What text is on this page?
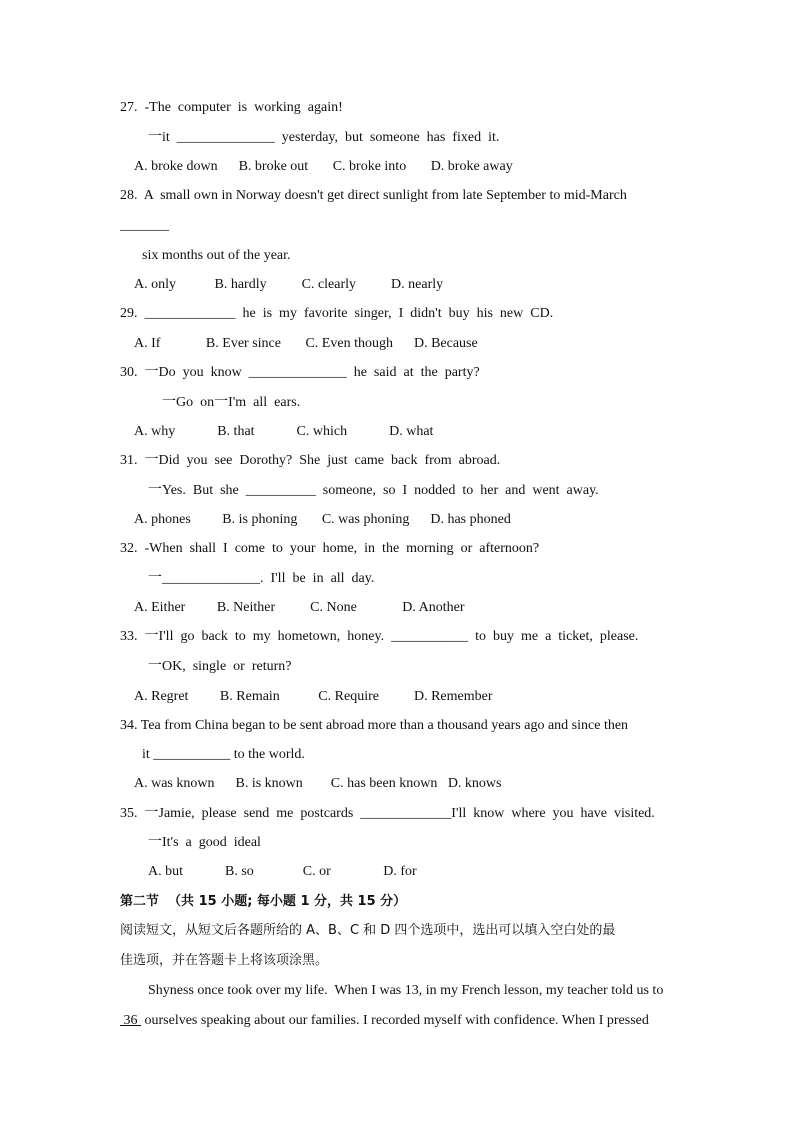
27.  -The  computer  is  working  again!
一it  ______________  yesterday,  but  someone  has  fixed  it.
A. broke down      B. broke out       C. broke into       D. broke away
28.  A  small own in Norway doesn't get direct sunlight from late September to mid-March
_______
six months out of the year.
A. only           B. hardly          C. clearly          D. nearly
29.  _____________  he  is  my  favorite  singer,  I  didn't  buy  his  new  CD.
A. If             B. Ever since       C. Even though      D. Because
30.  一Do  you  know  ______________  he  said  at  the  party?
一Go  on一I'm  all  ears.
A. why            B. that            C. which            D. what
31.  一Did  you  see  Dorothy?  She  just  came  back  from  abroad.
一Yes.  But  she  __________  someone,  so  I  nodded  to  her  and  went  away.
A. phones         B. is phoning       C. was phoning      D. has phoned
32.  -When  shall  I  come  to  your  home,  in  the  morning  or  afternoon?
一______________.  I'll  be  in  all  day.
A. Either         B. Neither          C. None             D. Another
33.  一I'll  go  back  to  my  hometown,  honey.  ___________  to  buy  me  a  ticket,  please.
一OK,  single  or  return?
A. Regret         B. Remain           C. Require          D. Remember
34. Tea from China began to be sent abroad more than a thousand years ago and since then
it ___________ to the world.
A. was known      B. is known        C. has been known   D. knows
35.  一Jamie,  please  send  me  postcards  _____________I'll  know  where  you  have  visited.
一It's  a  good  ideal
A. but            B. so              C. or               D. for
第二节  （共 15 小题; 每小题 1 分，共 15 分）
阅读短文，从短文后各题所给的 A、B、C 和 D 四个选项中，选出可以填入空白处的最
佳选项，并在答题卡上将该项涂黑。
Shyness once took over my life.  When I was 13, in my French lesson, my teacher told us to
36  ourselves speaking about our families. I recorded myself with confidence. When I pressed
